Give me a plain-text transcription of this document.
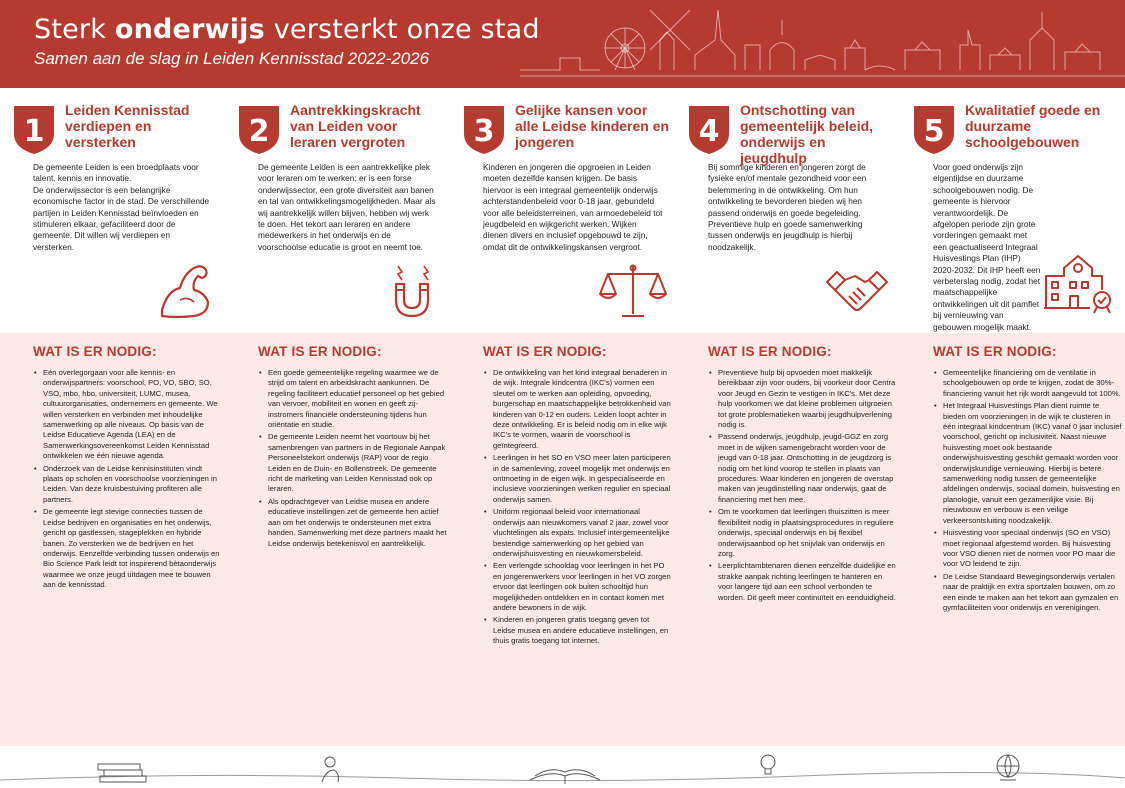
Sterk onderwijs versterkt onze stad
Samen aan de slag in Leiden Kennisstad 2022-2026
1
Leiden Kennisstad verdiepen en versterken

De gemeente Leiden is een broedplaats voor talent, kennis en innovatie.

De onderwijssector is een belangrijke economische factor in de stad. De verschillende partijen in Leiden Kennisstad beïnvloeden en stimuleren elkaar, gefaciliteerd door de gemeente. Dit willen wij verdiepen en versterken.

WAT IS ER NODIG:
• Eén overlegorgaan voor alle kennis- en onderwijspartners: voorschool, PO, VO, SBO, SO, VSO, mbo, hbo, universiteit, LUMC, musea, cultuurorganisaties, ondernemers en gemeente. We willen versterken en verbinden met inhoudelijke samenwerking op alle niveaus. Op basis van de Leidse Educatieve Agenda (LEA) en de Samenwerkingsovereenkomst Leiden Kennisstad ontwikkelen we één nieuwe agenda.
• Onderzoek van de Leidse kennisinstituten vindt plaats op scholen en voorschoolse voorzieningen in Leiden. Van deze kruisbestuiving profiteren alle partners.
• De gemeente legt stevige connecties tussen de Leidse bedrijven en organisaties en het onderwijs, gericht op gastlessen, stageplekken en hybride banen. Zo versterken we de bedrijven en het onderwijs. Eenzelfde verbinding tussen onderwijs en Bio Science Park leidt tot inspirerend bètaonderwijs waarmee we onze jeugd uitdagen mee te bouwen aan de kennisstad.
2
Aantrekkingskracht van Leiden voor leraren vergroten

De gemeente Leiden is een aantrekkelijke plek voor leraren om te werken: er is een forse onderwijssector, een grote diversiteit aan banen en tal van ontwikkelingsmogelijkheden. Maar als wij aantrekkelijk willen blijven, hebben wij werk te doen. Het tekort aan leraren en andere medewerkers in het onderwijs en de voorschoolse educatie is groot en neemt toe.

WAT IS ER NODIG:
• Een goede gemeentelijke regeling waarmee we de strijd om talent en arbeidskracht aankunnen. De regeling faciliteert educatief personeel op het gebied van vervoer, mobiliteit en wonen en geeft zij-instromers financiële ondersteuning tijdens hun oriëntatie en studie.
• De gemeente Leiden neemt het voortouw bij het samenbrengen van partners in de Regionale Aanpak Personeelstekort onderwijs (RAP) voor de regio Leiden en de Duin- en Bollenstreek. De gemeente richt de marketing van Leiden Kennisstad ook op leraren.
• Als opdrachtgever van Leidse musea en andere educatieve instellingen zet de gemeente hen actief aan om het onderwijs te ondersteunen met extra handen. Samenwerking met deze partners maakt het Leidse onderwijs betekenisvol en aantrekkelijk.
3
Gelijke kansen voor alle Leidse kinderen en jongeren

Kinderen en jongeren die opgroeien in Leiden moeten dezelfde kansen krijgen. De basis hiervoor is een integraal gemeentelijk onderwijs achterstandenbeleid voor 0-18 jaar, gebundeld voor alle beleidsterreinen, van armoedebeleid tot jeugdbeleid en wijkgericht werken. Wijken dienen divers en inclusief opgebouwd te zijn, omdat dit de ontwikkelingskansen vergroot.

WAT IS ER NODIG:
• De ontwikkeling van het kind integraal benaderen in de wijk. Integrale kindcentra (IKC's) vormen een sleutel om te werken aan opleiding, opvoeding, burgerschap en maatschappelijke betrokkenheid van kinderen van 0-12 en ouders. Leiden loopt achter in deze ontwikkeling. Er is beleid nodig om in elke wijk IKC's te vormen, waarin de voorschool is geïntegreerd.
• Leerlingen in het SO en VSO meer laten participeren in de samenleving, zoveel mogelijk met onderwijs en ontmoeting in de eigen wijk. In gespecialiseerde en inclusieve voorzieningen werken regulier en speciaal onderwijs samen.
• Uniform regionaal beleid voor internationaal onderwijs aan nieuwkomers vanaf 2 jaar, zowel voor vluchtelingen als expats. Inclusief intergemeentelijke bestendige samenwerking op het gebied van onderwijshuisvesting en nieuwkomersbeleid.
• Een verlengde schooldag voor leerlingen in het PO en jongerenwerkers voor leerlingen in het VO zorgen ervoor dat leerlingen ook buiten schooltijd hun mogelijkheden ontdekken en in contact komen met andere bewoners in de wijk.
• Kinderen en jongeren gratis toegang geven tot Leidse musea en andere educatieve instellingen, en thuis gratis toegang tot internet.
4
Ontschotting van gemeentelijk beleid, onderwijs en jeugdhulp

Bij sommige kinderen en jongeren zorgt de fysieke en/of mentale gezondheid voor een belemmering in de ontwikkeling. Om hun ontwikkeling te bevorderen bieden wij hen passend onderwijs en goede begeleiding. Preventieve hulp en goede samenwerking tussen onderwijs en jeugdhulp is hierbij noodzakelijk.

WAT IS ER NODIG:
• Preventieve hulp bij opvoeden moet makkelijk bereikbaar zijn voor ouders, bij voorkeur door Centra voor Jeugd en Gezin te vestigen in IKC's. Met deze hulp voorkomen we dat kleine problemen uitgroeien tot grote problematieken waarbij jeugdhulpverlening nodig is.
• Passend onderwijs, jeugdhulp, jeugd-GGZ en zorg moet in de wijken samengebracht worden voor de jeugd van 0-18 jaar. Ontschotting in de jeugdzorg is nodig om het kind voorop te stellen in plaats van procedures. Waar kinderen en jongeren de overstap maken van jeugdinstelling naar onderwijs, gaat de financiering met hen mee.
• Om te voorkomen dat leerlingen thuiszitten is meer flexibiliteit nodig in plaatsingsprocedures in reguliere onderwijs, speciaal onderwijs en bij flexibel onderwijsaanbod op het snijvlak van onderwijs en zorg.
• Leerplichtambtenaren dienen eenzelfde duidelijke en strakke aanpak richting leerlingen te hanteren en voor langere tijd aan een school verbonden te worden. Dit geeft meer continuïteit en eenduidigheid.
5
Kwalitatief goede en duurzame schoolgebouwen

Voor goed onderwijs zijn eigentijdse en duurzame schoolgebouwen nodig. De gemeente is hiervoor verantwoordelijk. De afgelopen periode zijn grote vorderingen gemaakt met een geactualiseerd Integraal Huisvestings Plan (IHP) 2020-2032. Dit IHP heeft een verbeterslag nodig, zodat het maatschappelijke ontwikkelingen uit dit pamflet bij vernieuwing van gebouwen mogelijk maakt.

WAT IS ER NODIG:
• Gemeentelijke financiering om de ventilatie in schoolgebouwen op orde te krijgen, zodat de 30%-financiering vanuit het rijk wordt aangevuld tot 100%.
• Het Integraal Huisvestings Plan dient ruimte te bieden om voorzieningen in de wijk te clusteren in één integraal kindcentrum (IKC) vanaf 0 jaar inclusief voorschool, gericht op inclusiviteit. Naast nieuwe huisvesting moet ook bestaande onderwijshuisvesting geschikt gemaakt worden voor onderwijskundige vernieuwing. Hierbij is betere samenwerking nodig tussen de gemeentelijke afdelingen onderwijs, sociaal domein, huisvesting en planologie, vanuit een gezamenlijke visie. Bij nieuwbouw en verbouw is een veilige verkeersontsluiting noodzakelijk.
• Huisvesting voor speciaal onderwijs (SO en VSO) moet regionaal afgestemd worden. Bij huisvesting voor VSO dienen niet de normen voor PO maar die voor VO leidend te zijn.
• De Leidse Standaard Bewegingsonderwijs vertalen naar de praktijk en extra sportzalen bouwen, om zo een einde te maken aan het tekort aan gymzalen en gymfaciliteiten voor onderwijs en verenigingen.
